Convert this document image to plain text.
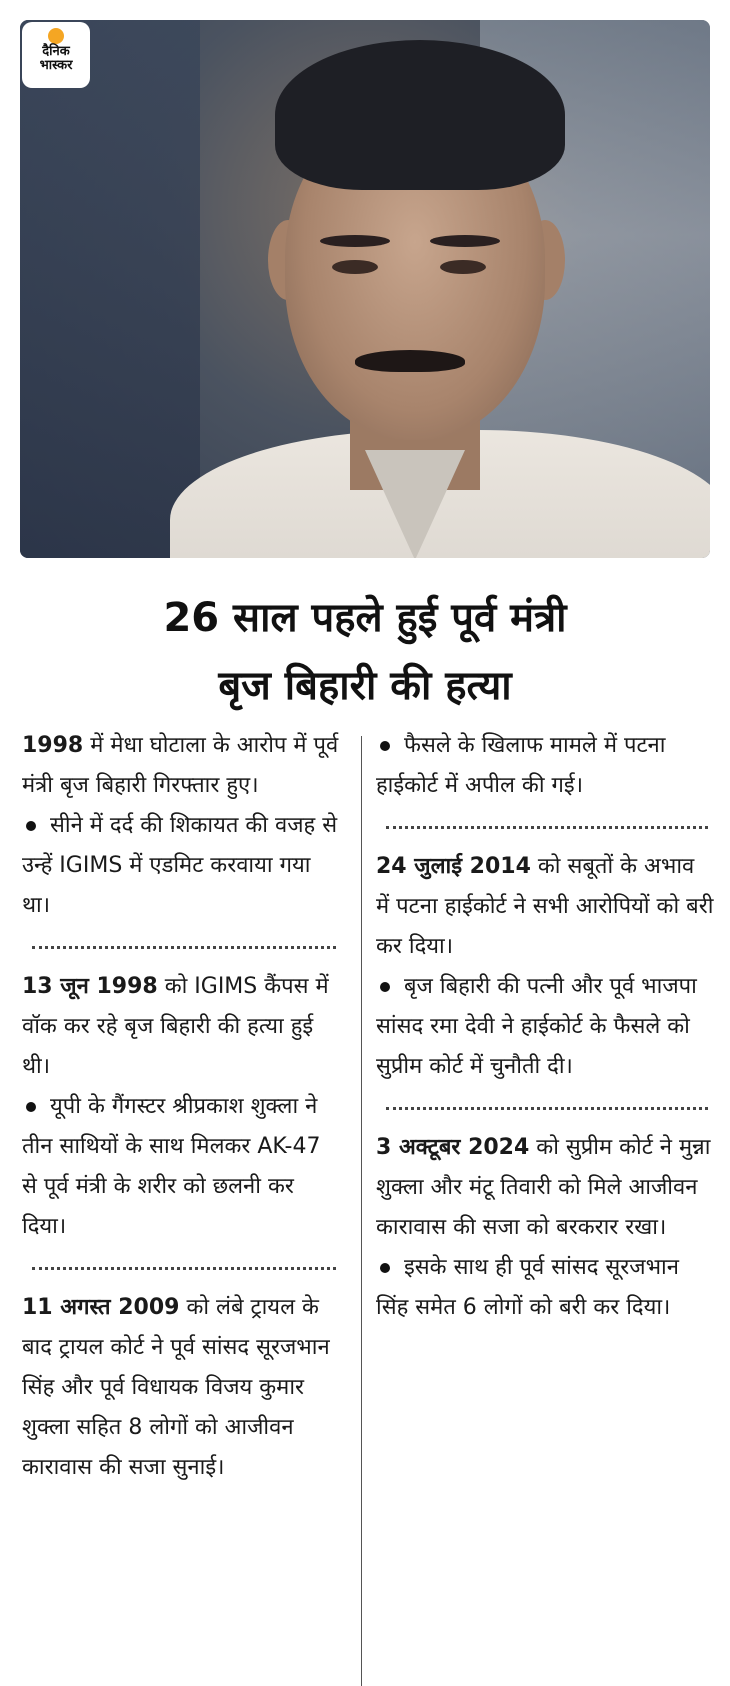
दैनिक
भास्कर
26 साल पहले हुई पूर्व मंत्री
बृज बिहारी की हत्या

1998 में मेधा घोटाला के आरोप में पूर्व मंत्री बृज बिहारी गिरफ्तार हुए।

सीने में दर्द की शिकायत की वजह से उन्हें IGIMS में एडमिट करवाया गया था।

13 जून 1998 को IGIMS कैंपस में वॉक कर रहे बृज बिहारी की हत्या हुई थी।

यूपी के गैंगस्टर श्रीप्रकाश शुक्ला ने तीन साथियों के साथ मिलकर AK-47 से पूर्व मंत्री के शरीर को छलनी कर दिया।

11 अगस्त 2009 को लंबे ट्रायल के बाद ट्रायल कोर्ट ने पूर्व सांसद सूरजभान सिंह और पूर्व विधायक विजय कुमार शुक्ला सहित 8 लोगों को आजीवन कारावास की सजा सुनाई।

फैसले के खिलाफ मामले में पटना हाईकोर्ट में अपील की गई।

24 जुलाई 2014 को सबूतों के अभाव में पटना हाईकोर्ट ने सभी आरोपियों को बरी कर दिया।

बृज बिहारी की पत्नी और पूर्व भाजपा सांसद रमा देवी ने हाईकोर्ट के फैसले को सुप्रीम कोर्ट में चुनौती दी।

3 अक्टूबर 2024 को सुप्रीम कोर्ट ने मुन्ना शुक्ला और मंटू तिवारी को मिले आजीवन कारावास की सजा को बरकरार रखा।

इसके साथ ही पूर्व सांसद सूरजभान सिंह समेत 6 लोगों को बरी कर दिया।
